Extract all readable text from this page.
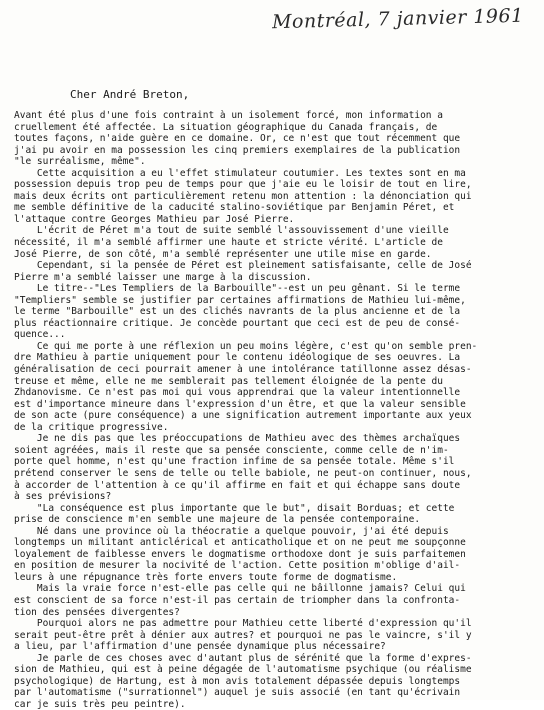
Montréal, 7 janvier 1961
Cher André Breton,
Avant été plus d'une fois contraint à un isolement forcé, mon information a
cruellement été affectée. La situation géographique du Canada français, de
toutes façons, n'aide guère en ce domaine. Or, ce n'est que tout récemment que
j'ai pu avoir en ma possession les cinq premiers exemplaires de la publication
"le surréalisme, même".
Cette acquisition a eu l'effet stimulateur coutumier. Les textes sont en ma
possession depuis trop peu de temps pour que j'aie eu le loisir de tout en lire,
mais deux écrits ont particulièrement retenu mon attention : la dénonciation qui
me semble définitive de la caducité stalino-soviétique par Benjamin Péret, et
l'attaque contre Georges Mathieu par José Pierre.
L'écrit de Péret m'a tout de suite semblé l'assouvissement d'une vieille
nécessité, il m'a semblé affirmer une haute et stricte vérité. L'article de
José Pierre, de son côté, m'a semblé représenter une utile mise en garde.
Cependant, si la pensée de Péret est pleinement satisfaisante, celle de José
Pierre m'a semblé laisser une marge à la discussion.
Le titre--"Les Templiers de la Barbouille"--est un peu gênant. Si le terme
"Templiers" semble se justifier par certaines affirmations de Mathieu lui-même,
le terme "Barbouille" est un des clichés navrants de la plus ancienne et de la
plus réactionnaire critique. Je concède pourtant que ceci est de peu de consé-
quence...
Ce qui me porte à une réflexion un peu moins légère, c'est qu'on semble pren-
dre Mathieu à partie uniquement pour le contenu idéologique de ses oeuvres. La
généralisation de ceci pourrait amener à une intolérance tatillonne assez désas-
treuse et même, elle ne me semblerait pas tellement éloignée de la pente du
Zhdanovisme. Ce n'est pas moi qui vous apprendrai que la valeur intentionnelle
est d'importance mineure dans l'expression d'un être, et que la valeur sensible
de son acte (pure conséquence) a une signification autrement importante aux yeux
de la critique progressive.
Je ne dis pas que les préoccupations de Mathieu avec des thèmes archaïques
soient agréées, mais il reste que sa pensée consciente, comme celle de n'im-
porte quel homme, n'est qu'une fraction infime de sa pensée totale. Même s'il
prétend conserver le sens de telle ou telle babiole, ne peut-on continuer, nous,
à accorder de l'attention à ce qu'il affirme en fait et qui échappe sans doute
à ses prévisions?
"La conséquence est plus importante que le but", disait Borduas; et cette
prise de conscience m'en semble une majeure de la pensée contemporaine.
Né dans une province où la théocratie a quelque pouvoir, j'ai été depuis
longtemps un militant anticlérical et anticatholique et on ne peut me soupçonne
loyalement de faiblesse envers le dogmatisme orthodoxe dont je suis parfaitemen
en position de mesurer la nocivité de l'action. Cette position m'oblige d'ail-
leurs à une répugnance très forte envers toute forme de dogmatisme.
Mais la vraie force n'est-elle pas celle qui ne bâillonne jamais? Celui qui
est conscient de sa force n'est-il pas certain de triompher dans la confronta-
tion des pensées divergentes?
Pourquoi alors ne pas admettre pour Mathieu cette liberté d'expression qu'il
serait peut-être prêt à dénier aux autres? et pourquoi ne pas le vaincre, s'il y
a lieu, par l'affirmation d'une pensée dynamique plus nécessaire?
Je parle de ces choses avec d'autant plus de sérénité que la forme d'expres-
sion de Mathieu, qui est à peine dégagée de l'automatisme psychique (ou réalisme
psychologique) de Hartung, est à mon avis totalement dépassée depuis longtemps
par l'automatisme ("surrationnel") auquel je suis associé (en tant qu'écrivain
car je suis très peu peintre).
